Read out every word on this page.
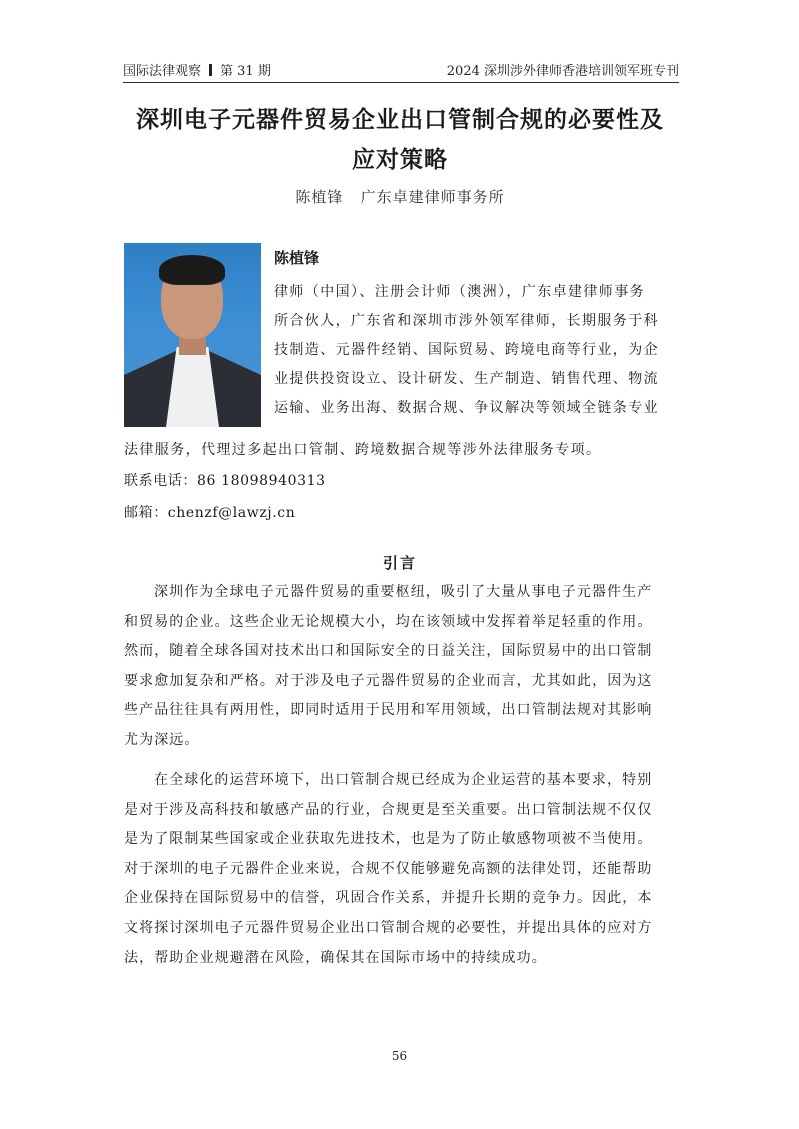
国际法律观察 第 31 期	2024 深圳涉外律师香港培训领军班专刊
深圳电子元器件贸易企业出口管制合规的必要性及
应对策略
陈植锋   广东卓建律师事务所
陈植锋
律师（中国）、注册会计师（澳洲），广东卓建律师事务
所合伙人，广东省和深圳市涉外领军律师，长期服务于科
技制造、元器件经销、国际贸易、跨境电商等行业，为企
业提供投资设立、设计研发、生产制造、销售代理、物流
运输、业务出海、数据合规、争议解决等领域全链条专业
法律服务，代理过多起出口管制、跨境数据合规等涉外法律服务专项。
联系电话：86 18098940313
邮箱：chenzf@lawzj.cn
引言
深圳作为全球电子元器件贸易的重要枢纽，吸引了大量从事电子元器件生产
和贸易的企业。这些企业无论规模大小，均在该领域中发挥着举足轻重的作用。
然而，随着全球各国对技术出口和国际安全的日益关注，国际贸易中的出口管制
要求愈加复杂和严格。对于涉及电子元器件贸易的企业而言，尤其如此，因为这
些产品往往具有两用性，即同时适用于民用和军用领域，出口管制法规对其影响
尤为深远。
在全球化的运营环境下，出口管制合规已经成为企业运营的基本要求，特别
是对于涉及高科技和敏感产品的行业，合规更是至关重要。出口管制法规不仅仅
是为了限制某些国家或企业获取先进技术，也是为了防止敏感物项被不当使用。
对于深圳的电子元器件企业来说，合规不仅能够避免高额的法律处罚，还能帮助
企业保持在国际贸易中的信誉，巩固合作关系，并提升长期的竞争力。因此，本
文将探讨深圳电子元器件贸易企业出口管制合规的必要性，并提出具体的应对方
法，帮助企业规避潜在风险，确保其在国际市场中的持续成功。
56
